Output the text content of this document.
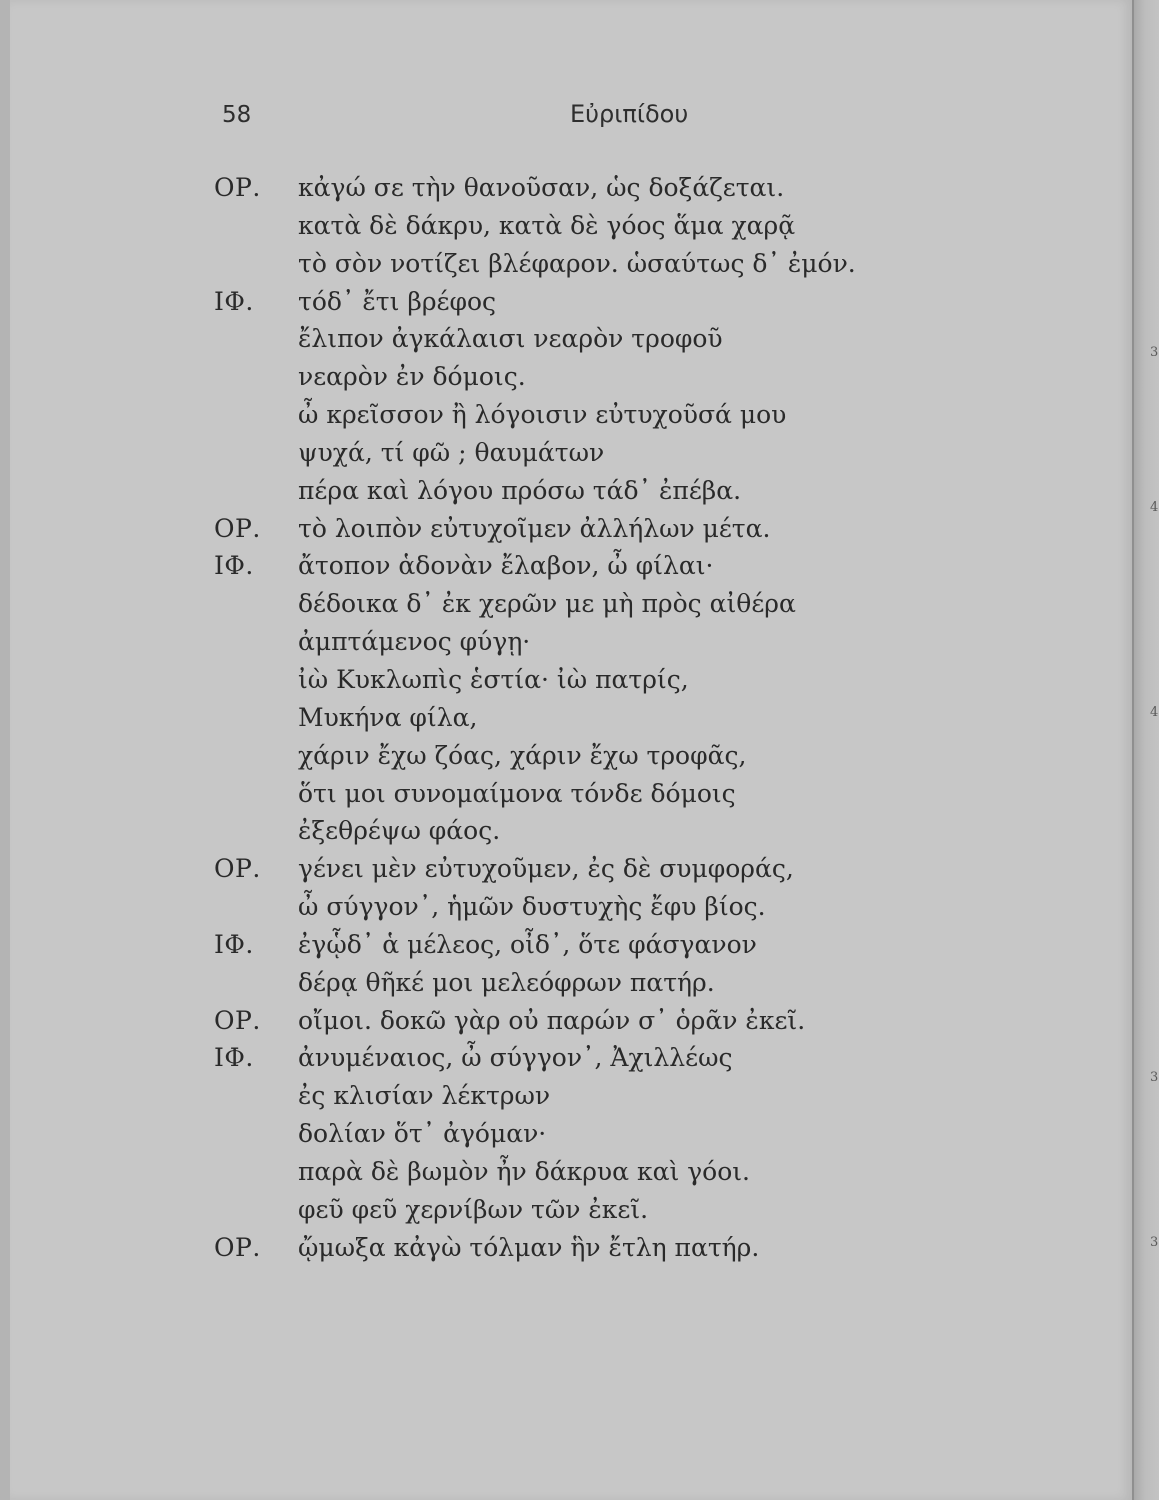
58	Εὐριπίδου
ΟΡ. κἀγώ σε τὴν θανοῦσαν, ὡς δοξάζεται.
κατὰ δὲ δάκρυ, κατὰ δὲ γόος ἅμα χαρᾷ
τὸ σὸν νοτίζει βλέφαρον. ὡσαύτως δ᾽ ἐμόν.
ΙΦ. τόδ᾽ ἔτι βρέφος
ἔλιπον ἀγκάλαισι νεαρὸν τροφοῦ
νεαρὸν ἐν δόμοις.
ὦ κρεῖσσον ἢ λόγοισιν εὐτυχοῦσά μου
ψυχά, τί φῶ ; θαυμάτων
πέρα καὶ λόγου πρόσω τάδ᾽ ἐπέβα.
ΟΡ. τὸ λοιπὸν εὐτυχοῖμεν ἀλλήλων μέτα.
ΙΦ. ἄτοπον ἁδονὰν ἔλαβον, ὦ φίλαι·
δέδοικα δ᾽ ἐκ χερῶν με μὴ πρὸς αἰθέρα
ἀμπτάμενος φύγῃ·
ἰὼ Κυκλωπὶς ἑστία· ἰὼ πατρίς,
Μυκήνα φίλα,
χάριν ἔχω ζόας, χάριν ἔχω τροφᾶς,
ὅτι μοι συνομαίμονα τόνδε δόμοις
ἐξεθρέψω φάος.
ΟΡ. γένει μὲν εὐτυχοῦμεν, ἐς δὲ συμφοράς,
ὦ σύγγον᾽, ἡμῶν δυστυχὴς ἔφυ βίος.
ΙΦ. ἐγᾧδ᾽ ἁ μέλεος, οἶδ᾽, ὅτε φάσγανον
δέρᾳ θῆκέ μοι μελεόφρων πατήρ.
ΟΡ. οἴμοι. δοκῶ γὰρ οὐ παρών σ᾽ ὁρᾶν ἐκεῖ.
ΙΦ. ἀνυμέναιος, ὦ σύγγον᾽, Ἀχιλλέως
ἐς κλισίαν λέκτρων
δολίαν ὅτ᾽ ἀγόμαν·
παρὰ δὲ βωμὸν ἦν δάκρυα καὶ γόοι.
φεῦ φεῦ χερνίβων τῶν ἐκεῖ.
ΟΡ. ᾤμωξα κἀγὼ τόλμαν ἣν ἔτλη πατήρ.
3
4
4
3
3
